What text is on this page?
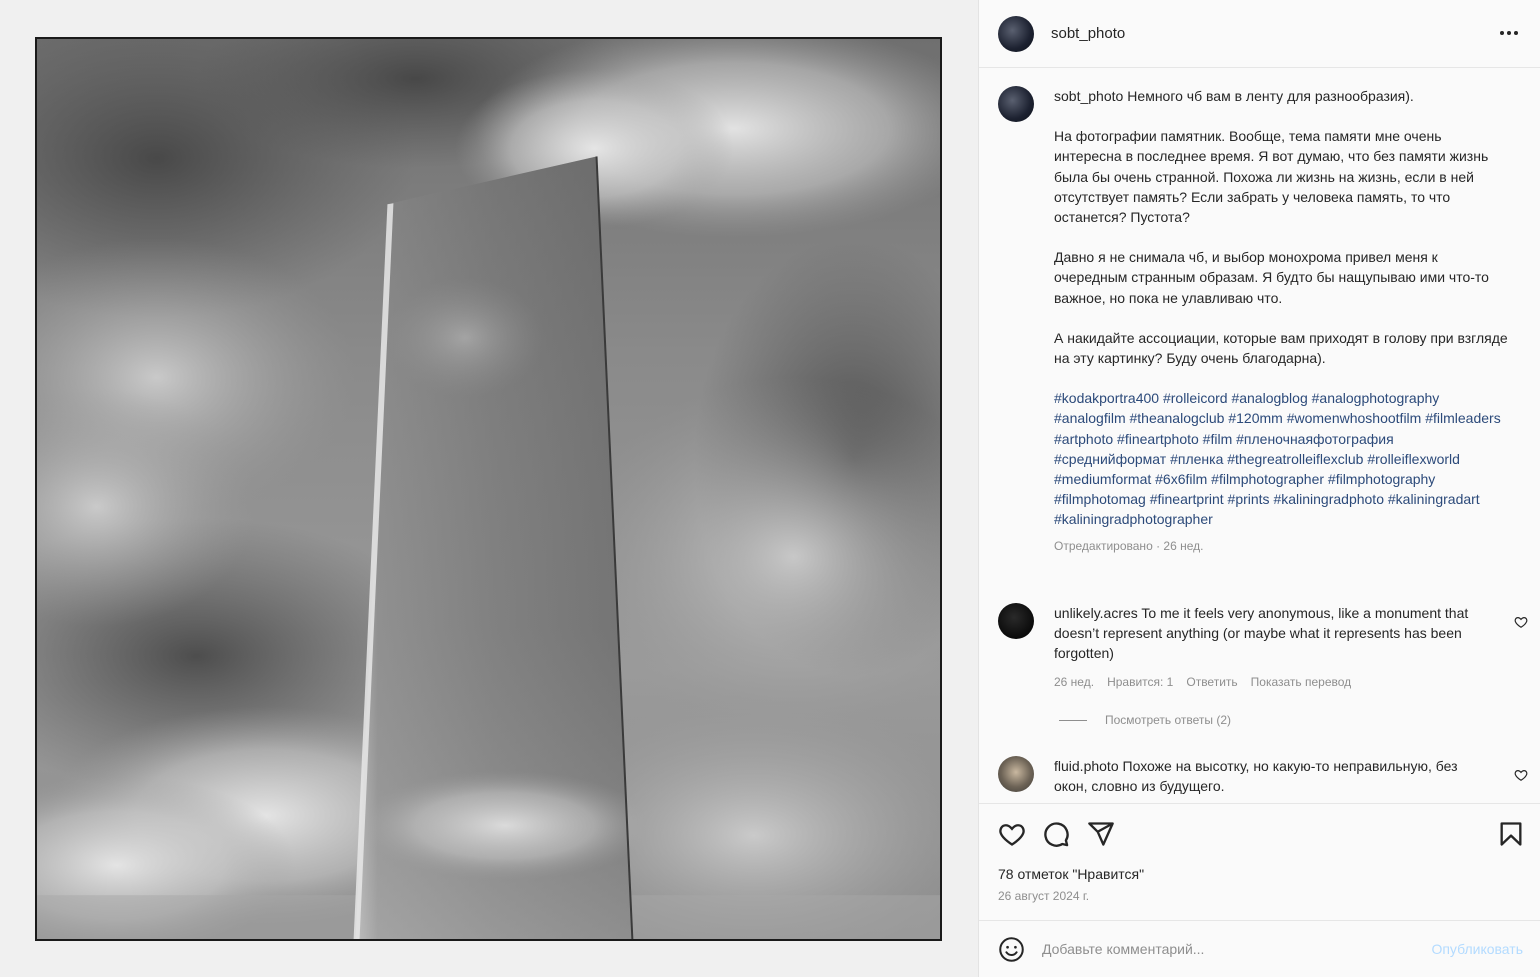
sobt_photo

sobt_photo Немного чб вам в ленту для разнообразия).

На фотографии памятник. Вообще, тема памяти мне очень интересна в последнее время. Я вот думаю, что без памяти жизнь была бы очень странной. Похожа ли жизнь на жизнь, если в ней отсутствует память? Если забрать у человека память, то что останется? Пустота?

Давно я не снимала чб, и выбор монохрома привел меня к очередным странным образам. Я будто бы нащупываю ими что-то важное, но пока не улавливаю что.

А накидайте ассоциации, которые вам приходят в голову при взгляде на эту картинку? Буду очень благодарна).

#kodakportra400 #rolleicord #analogblog #analogphotography #analogfilm #theanalogclub #120mm #womenwhoshootfilm #filmleaders #artphoto #fineartphoto #film #пленочнаяфотография #среднийформат #пленка #thegreatrolleiflexclub #rolleiflexworld #mediumformat #6x6film #filmphotographer #filmphotography #filmphotomag #fineartprint #prints #kaliningradphoto #kaliningradart #kaliningradphotographer
Отредактировано · 26 нед.
unlikely.acres To me it feels very anonymous, like a monument that doesn’t represent anything (or maybe what it represents has been forgotten)
26 нед. Нравится: 1 Ответить Показать перевод
Посмотреть ответы (2)
fluid.photo Похоже на высотку, но какую-то неправильную, без окон, словно из будущего.
78 отметок "Нравится"
26 август 2024 г.
Добавьте комментарий...
Опубликовать
